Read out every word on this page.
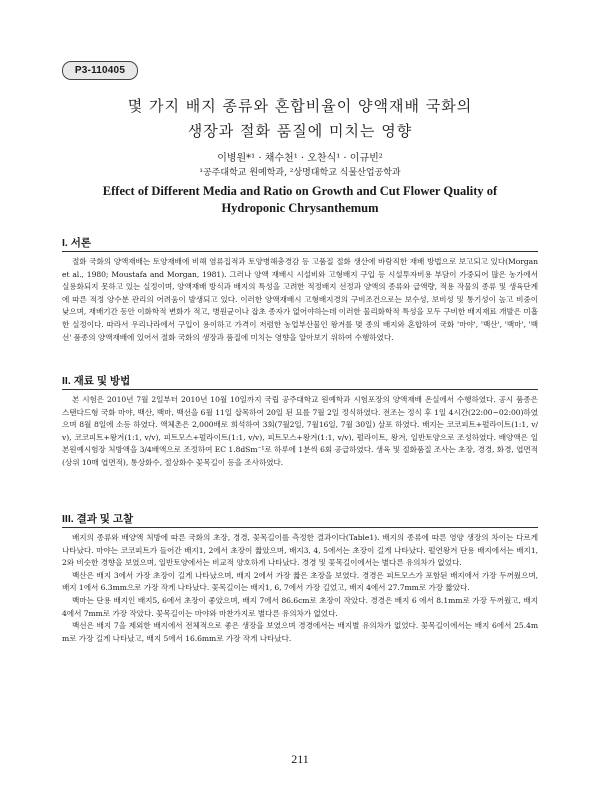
P3-110405
몇 가지 배지 종류와 혼합비율이 양액재배 국화의
생장과 절화 품질에 미치는 영향
이병원*¹ · 채수천¹ · 오찬식¹ · 이규빈²
¹공주대학교 원예학과, ²상명대학교 식물산업공학과
Effect of Different Media and Ratio on Growth and Cut Flower Quality of
Hydroponic Chrysanthemum
I. 서론

절화 국화의 양액재배는 토양재배에 비해 염류집적과 토양병해충경감 등 고품질 절화 생산에 바람직한 재배 방법으로 보고되고 있다(Morgan et al., 1980; Moustafa and Morgan, 1981). 그러나 양액 재배시 시설비와 고형배지 구입 등 시설투자비용 부담이 가중되어 많은 농가에서 실용화되지 못하고 있는 실정이며, 양액재배 방식과 배지의 특성을 고려한 적정배지 선정과 양액의 종류와 급액량, 적용 작물의 종류 및 생육단계에 따른 적정 양수분 관리의 어려움이 발생되고 있다. 이러한 양액재배시 고형배지경의 구비조건으로는 보수성, 보비성 및 통기성이 높고 비중이 낮으며, 재배기간 동안 이화학적 변화가 적고, 병원균이나 잡초 종자가 없어야하는데 이러한 물리화학적 특성을 모두 구비한 배지재료 개발은 미흡한 실정이다. 따라서 우리나라에서 구입이 용이하고 가격이 저렴한 농업부산물인 왕겨를 몇 종의 배지와 혼합하여 국화 '마야', '백산', '백마', '백선' 품종의 양액재배에 있어서 절화 국화의 생장과 품질에 미치는 영향을 알아보기 위하여 수행하였다.

II. 재료 및 방법

본 시험은 2010년 7월 2일부터 2010년 10월 10일까지 국립 공주대학교 원예학과 시험포장의 양액재배 온실에서 수행하였다. 공시 품종은 스탠다드형 국화 마야, 백산, 백마, 백선을 6월 11일 삽목하여 20일 된 묘를 7월 2일 정식하였다. 전조는 정식 후 1일 4시간(22:00~02:00)하였으며 8월 8일에 소등 하였다. 액체촌은 2,000배로 희석하여 3회(7월2일, 7월16일, 7월 30일) 살포 하였다. 배지는 코코피트+펄라이트(1:1, v/v), 코코피트+왕겨(1:1, v/v), 피트모스+펄라이트(1:1, v/v), 피트모스+왕겨(1:1, v/v), 펄라이트, 왕겨, 일반토양으로 조성하였다. 배양액은 일본원예시험장 처방액을 3/4배액으로 조정하여 EC 1.8dSm⁻¹로 하루에 1분씩 6회 공급하였다. 생육 및 절화품질 조사는 초장, 경경, 화경, 엽면적(상위 10매 엽면적), 통상화수, 절상화수 꽃목길이 등을 조사하였다.

III. 결과 및 고찰

배지의 종류와 배양액 처방에 따른 국화의 초장, 경경, 꽃목길이를 측정한 결과이다(Table1). 배지의 종류에 따른 영양 생장의 차이는 다르게 나타났다. 마야는 코코피트가 들어간 배지1, 2에서 초장이 짧았으며, 배지3, 4, 5에서는 초장이 길게 나타났다. 펄연왕겨 단용 배지에서는 배지1, 2와 비슷한 경향을 보였으며, 일반토양에서는 비교적 양호하게 나타났다. 경경 및 꽃목길이에서는 별다른 유의차가 없었다.

백산은 배지 3에서 가장 초장이 길게 나타났으며, 배지 2에서 가장 짧은 초장을 보였다. 경경은 피트모스가 포함된 배지에서 가장 두꺼웠으며, 배지 1에서 6.3mm으로 가장 작게 나타났다. 꽃목길이는 배지1, 6, 7에서 가장 길었고, 배지 4에서 27.7mm로 가장 짧았다.

백마는 단용 배지인 배지5, 6에서 초장이 좋았으며, 배지 7에서 86.6cm로 초장이 작았다. 경경은 배지 6 에서 8.1mm로 가장 두꺼웠고, 배지 4에서 7mm로 가장 작았다. 꽃목길이는 마야와 마찬가지로 별다른 유의차가 없었다.

백선은 배지 7을 제외한 배지에서 전체적으로 좋은 생장을 보였으며 경경에서는 배지별 유의차가 없었다. 꽃목길이에서는 배지 6에서 25.4mm로 가장 길게 나타났고, 배지 5에서 16.6mm로 가장 작게 나타났다.

211
